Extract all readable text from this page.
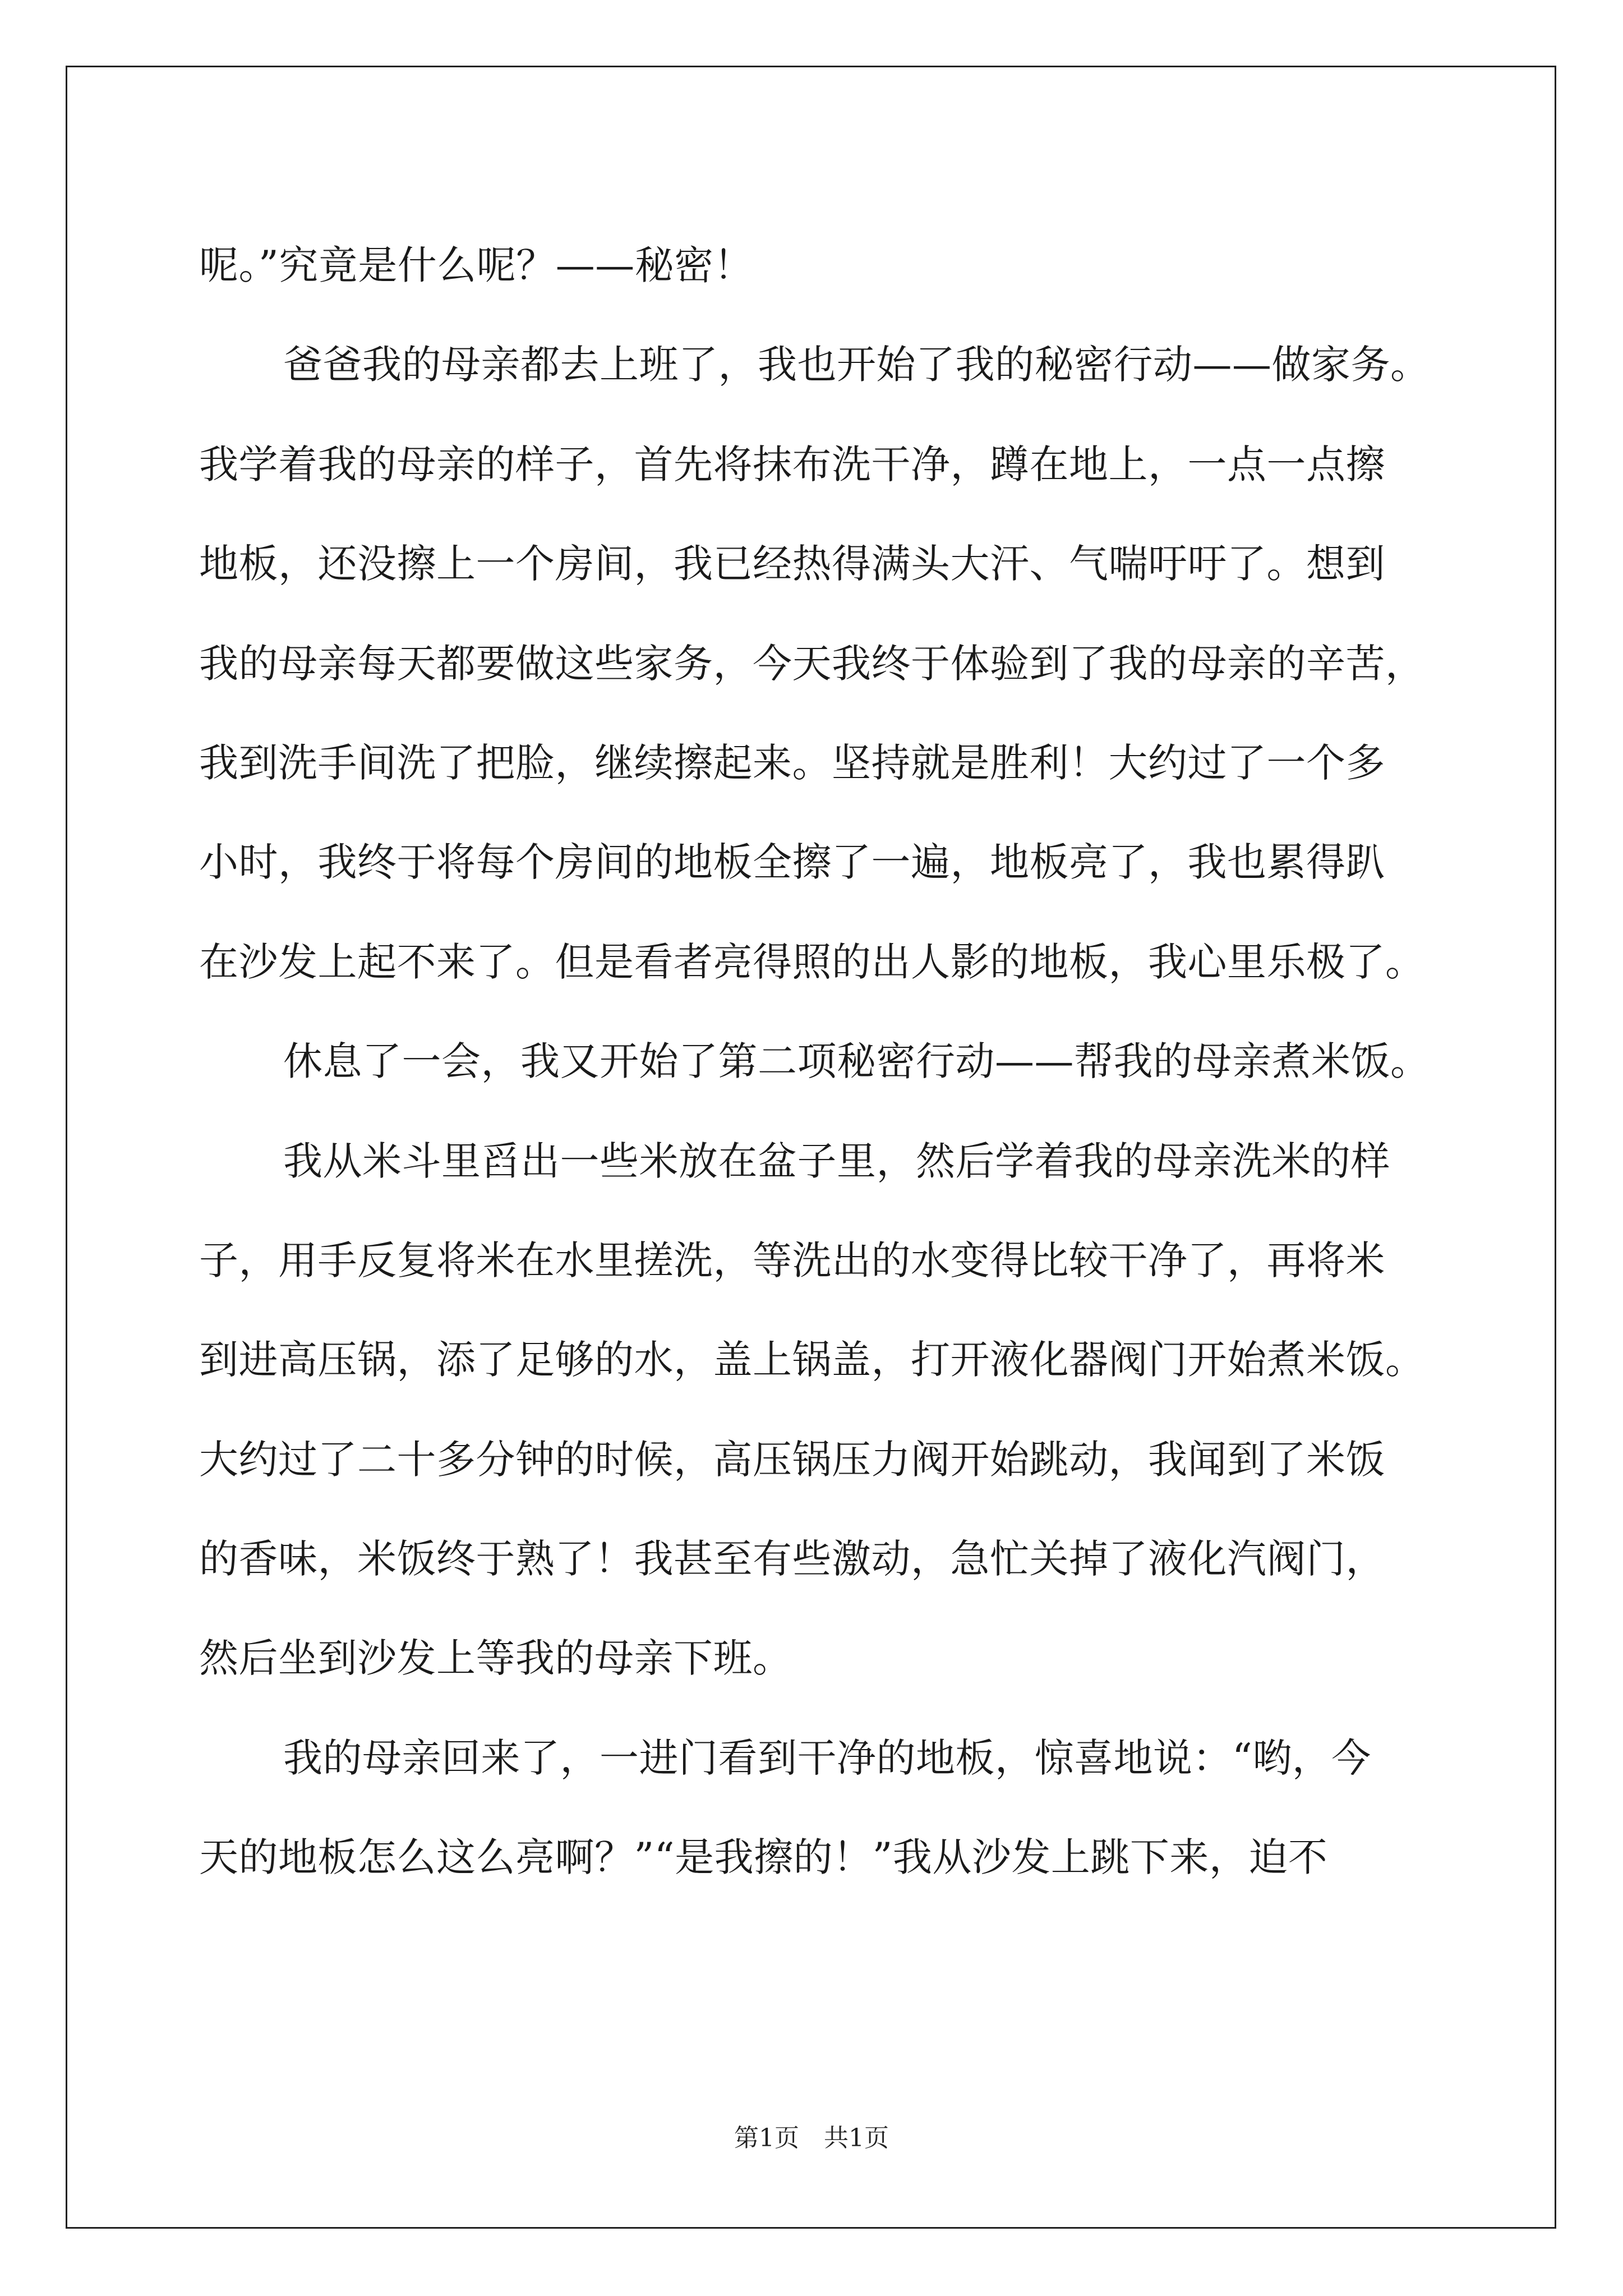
呢。”究竟是什么呢？——秘密！
爸爸我的母亲都去上班了，我也开始了我的秘密行动——做家务。
我学着我的母亲的样子，首先将抹布洗干净，蹲在地上，一点一点擦
地板，还没擦上一个房间，我已经热得满头大汗、气喘吁吁了。想到
我的母亲每天都要做这些家务，今天我终于体验到了我的母亲的辛苦，
我到洗手间洗了把脸，继续擦起来。坚持就是胜利！大约过了一个多
小时，我终于将每个房间的地板全擦了一遍，地板亮了，我也累得趴
在沙发上起不来了。但是看者亮得照的出人影的地板，我心里乐极了。
休息了一会，我又开始了第二项秘密行动——帮我的母亲煮米饭。
我从米斗里舀出一些米放在盆子里，然后学着我的母亲洗米的样
子，用手反复将米在水里搓洗，等洗出的水变得比较干净了，再将米
到进高压锅，添了足够的水，盖上锅盖，打开液化器阀门开始煮米饭。
大约过了二十多分钟的时候，高压锅压力阀开始跳动，我闻到了米饭
的香味，米饭终于熟了！我甚至有些激动，急忙关掉了液化汽阀门，
然后坐到沙发上等我的母亲下班。
我的母亲回来了，一进门看到干净的地板，惊喜地说：“哟，今
天的地板怎么这么亮啊？”“是我擦的！”我从沙发上跳下来，迫不
第1页 共1页
